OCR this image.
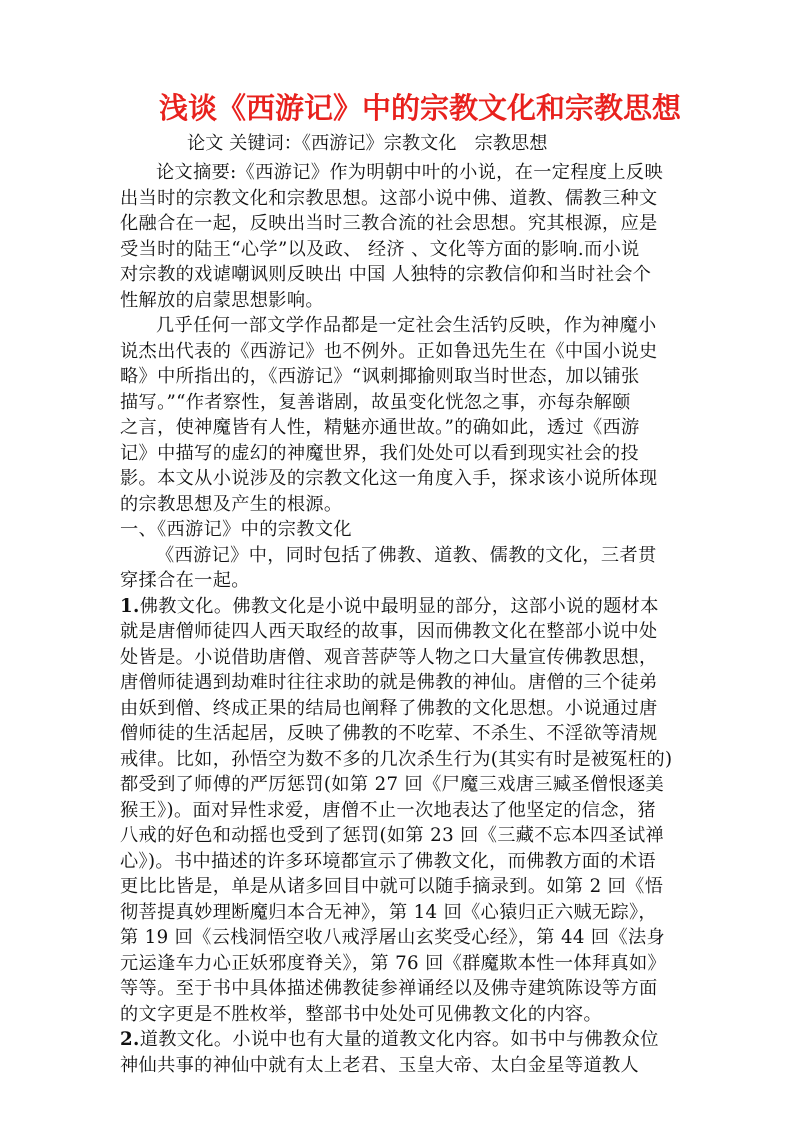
浅谈《西游记》中的宗教文化和宗教思想

论文 关键词：《西游记》宗教文化　宗教思想

论文摘要:《西游记》作为明朝中叶的小说，在一定程度上反映
出当时的宗教文化和宗教思想。这部小说中佛、道教、儒教三种文
化融合在一起，反映出当时三教合流的社会思想。究其根源，应是
受当时的陆王“心学”以及政、 经济 、文化等方面的影响.而小说
对宗教的戏谑嘲讽则反映出 中国 人独特的宗教信仰和当时社会个
性解放的启蒙思想影响。

几乎任何一部文学作品都是一定社会生活钓反映，作为神魔小
说杰出代表的《西游记》也不例外。正如鲁迅先生在《中国小说史
略》中所指出的，《西游记》“讽刺揶揄则取当时世态，加以铺张
描写。”“作者察性，复善谐剧，故虽变化恍忽之事，亦每杂解颐
之言，使神魔皆有人性，精魅亦通世故。”的确如此，透过《西游
记》中描写的虚幻的神魔世界，我们处处可以看到现实社会的投
影。本文从小说涉及的宗教文化这一角度入手，探求该小说所体现
的宗教思想及产生的根源。

一、《西游记》中的宗教文化

《西游记》中，同时包括了佛教、道教、儒教的文化，三者贯
穿揉合在一起。

1.佛教文化。佛教文化是小说中最明显的部分，这部小说的题材本
就是唐僧师徒四人西天取经的故事，因而佛教文化在整部小说中处
处皆是。小说借助唐僧、观音菩萨等人物之口大量宣传佛教思想，
唐僧师徒遇到劫难时往往求助的就是佛教的神仙。唐僧的三个徒弟
由妖到僧、终成正果的结局也阐释了佛教的文化思想。小说通过唐
僧师徒的生活起居，反映了佛教的不吃荤、不杀生、不淫欲等清规
戒律。比如，孙悟空为数不多的几次杀生行为(其实有时是被冤枉的)
都受到了师傅的严厉惩罚(如第 27 回《尸魔三戏唐三臧圣僧恨逐美
猴王》)。面对异性求爱，唐僧不止一次地表达了他坚定的信念，猪
八戒的好色和动摇也受到了惩罚(如第 23 回《三藏不忘本四圣试禅
心》)。书中描述的许多环境都宣示了佛教文化，而佛教方面的术语
更比比皆是，单是从诸多回目中就可以随手摘录到。如第 2 回《悟
彻菩提真妙理断魔归本合无神》，第 14 回《心猿归正六贼无踪》，
第 19 回《云栈洞悟空收八戒浮屠山玄奖受心经》，第 44 回《法身
元运逢车力心正妖邪度脊关》，第 76 回《群魔欺本性一体拜真如》
等等。至于书中具体描述佛教徒参禅诵经以及佛寺建筑陈设等方面
的文字更是不胜枚举，整部书中处处可见佛教文化的内容。

2.道教文化。小说中也有大量的道教文化内容。如书中与佛教众位
神仙共事的神仙中就有太上老君、玉皇大帝、太白金星等道教人
